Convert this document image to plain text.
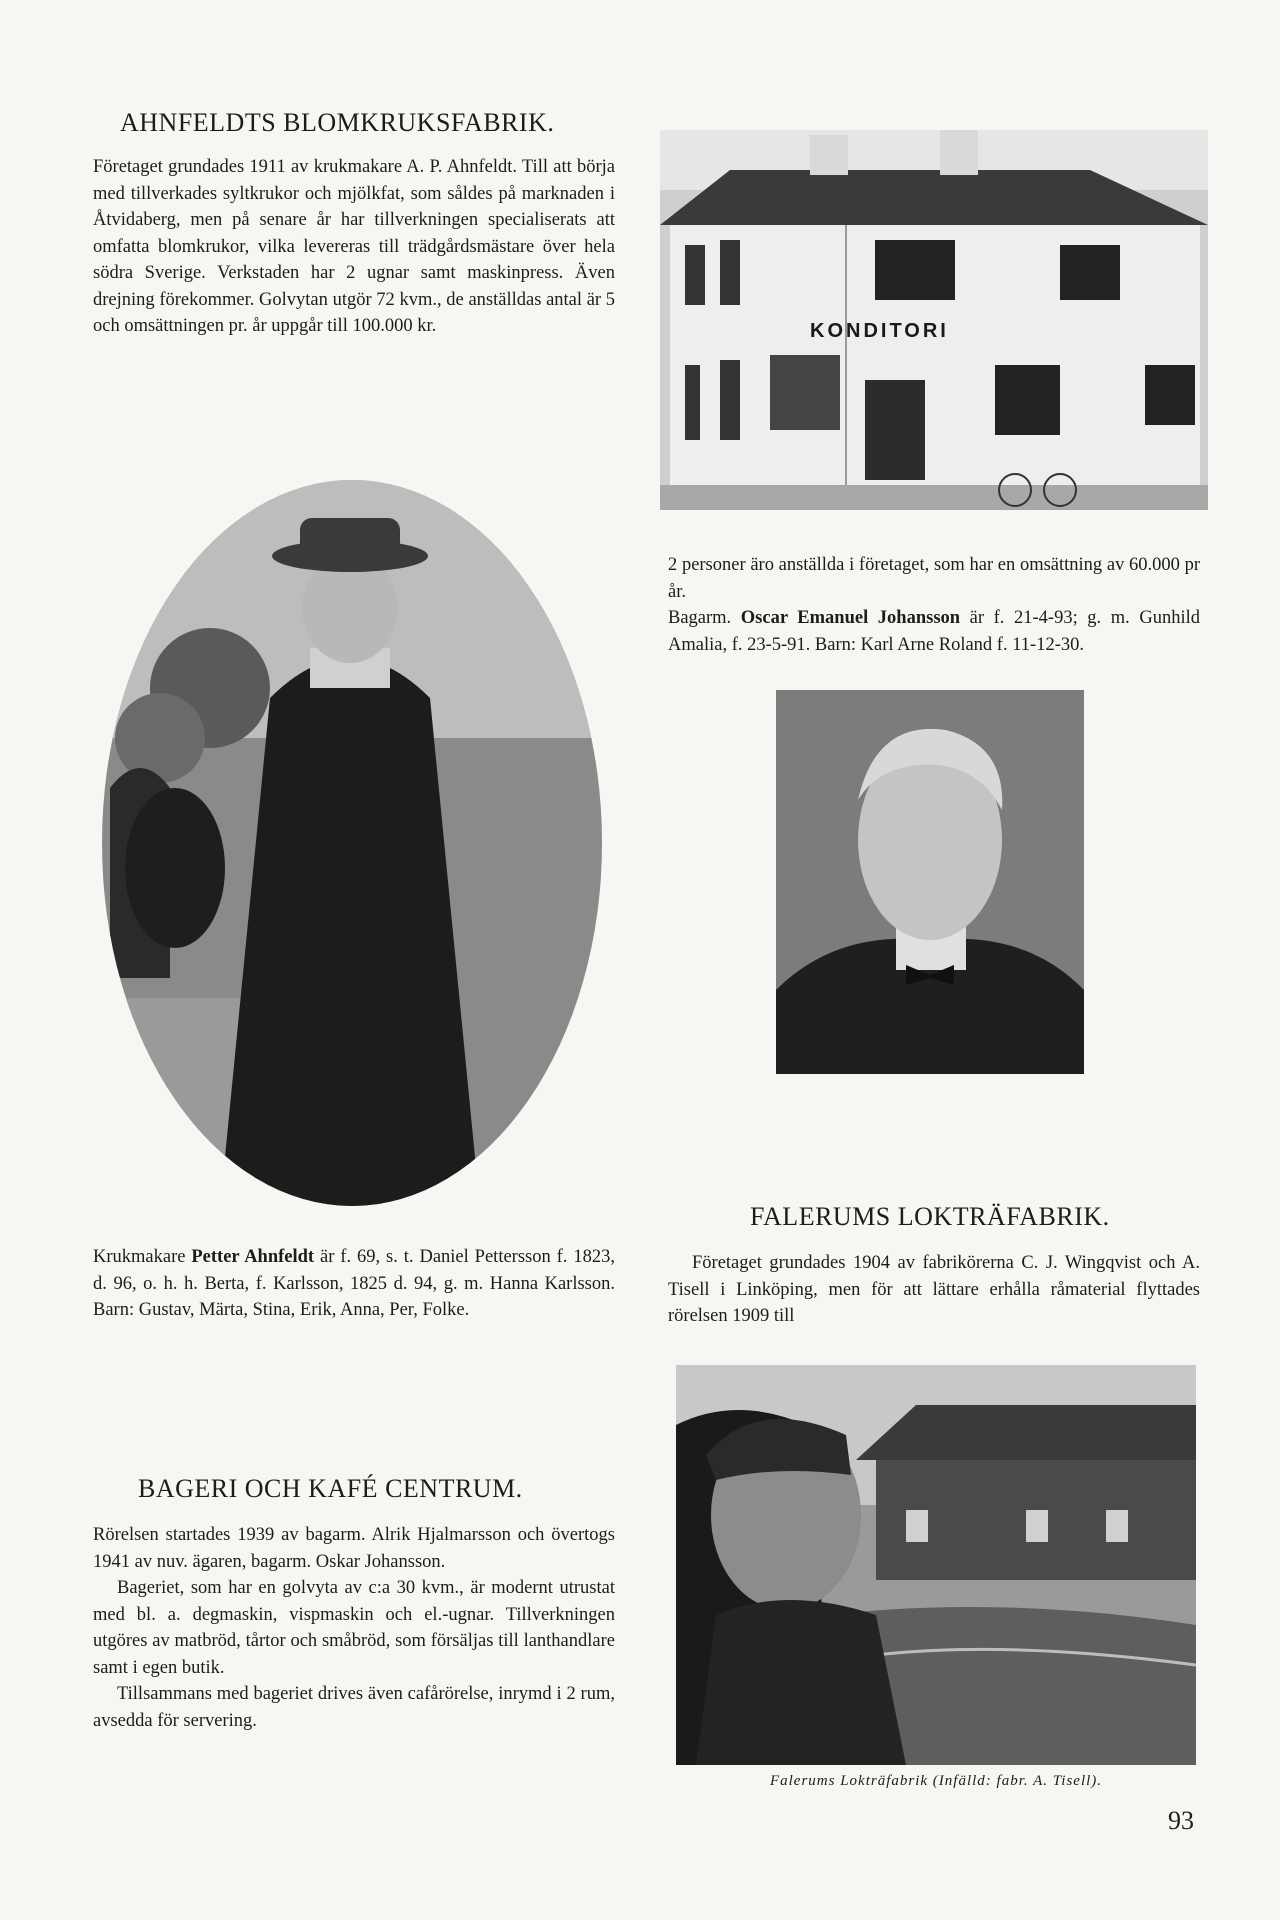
AHNFELDTS BLOMKRUKSFABRIK.

Företaget grundades 1911 av krukmakare A. P. Ahnfeldt. Till att börja med tillverkades syltkrukor och mjölkfat, som såldes på marknaden i Åtvidaberg, men på senare år har tillverkningen specialiserats att omfatta blomkrukor, vilka levereras till trädgårdsmästare över hela södra Sverige. Verkstaden har 2 ugnar samt maskinpress. Även drejning förekommer. Golvytan utgör 72 kvm., de anställdas antal är 5 och omsättningen pr. år uppgår till 100.000 kr.	KONDITORI

2 personer äro anställda i företaget, som har en omsättning av 60.000 pr år.

Bagarm. Oscar Emanuel Johansson är f. 21-4-93; g. m. Gunhild Amalia, f. 23-5-91. Barn: Karl Arne Roland f. 11-12-30.

Krukmakare Petter Ahnfeldt är f. 69, s. t. Daniel Pettersson f. 1823, d. 96, o. h. h. Berta, f. Karlsson, 1825 d. 94, g. m. Hanna Karlsson. Barn: Gustav, Märta, Stina, Erik, Anna, Per, Folke.

FALERUMS LOKTRÄFABRIK.

Företaget grundades 1904 av fabrikörerna C. J. Wingqvist och A. Tisell i Linköping, men för att lättare erhålla råmaterial flyttades rörelsen 1909 till

Falerums Lokträfabrik (Infälld: fabr. A. Tisell).
BAGERI OCH KAFÉ CENTRUM.

Rörelsen startades 1939 av bagarm. Alrik Hjalmarsson och övertogs 1941 av nuv. ägaren, bagarm. Oskar Johansson.

Bageriet, som har en golvyta av c:a 30 kvm., är modernt utrustat med bl. a. degmaskin, vispmaskin och el.-ugnar. Tillverkningen utgöres av matbröd, tårtor och småbröd, som försäljas till lanthandlare samt i egen butik.

Tillsammans med bageriet drives även cafårörelse, inrymd i 2 rum, avsedda för servering.

93
